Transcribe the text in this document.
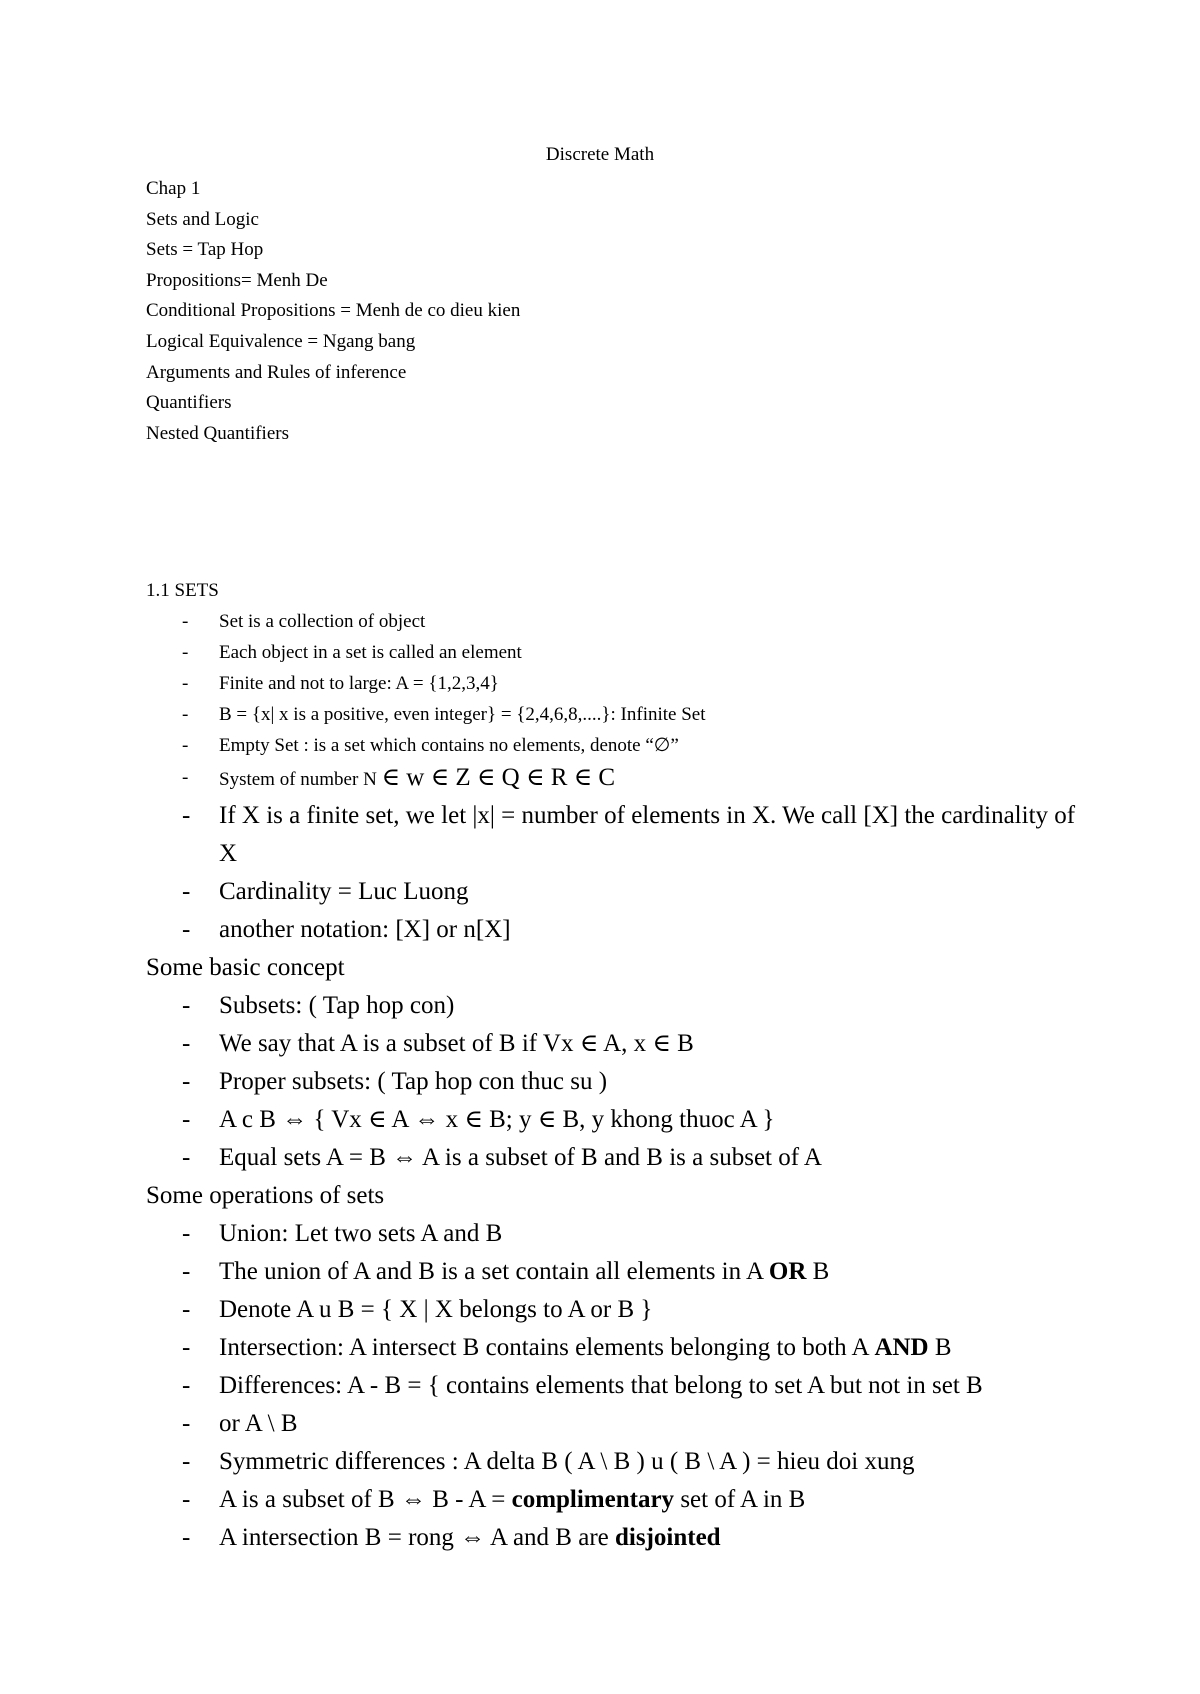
Discrete Math
Chap 1
Sets and Logic
Sets = Tap Hop
Propositions= Menh De
Conditional Propositions = Menh de co dieu kien
Logical Equivalence = Ngang bang
Arguments and Rules of inference
Quantifiers
Nested Quantifiers
1.1 SETS
- Set is a collection of object
- Each object in a set is called an element
- Finite and not to large: A = {1,2,3,4}
- B = {x| x is a positive, even integer} = {2,4,6,8,....}: Infinite Set
- Empty Set : is a set which contains no elements, denote “∅”
- System of number N ∈ w ∈ Z ∈ Q ∈ R ∈ C
- If X is a finite set, we let |x| = number of elements in X. We call [X] the cardinality of X
- Cardinality = Luc Luong
- another notation: [X] or n[X]
Some basic concept
- Subsets: ( Tap hop con)
- We say that A is a subset of B if Vx ∈ A, x ∈ B
- Proper subsets: ( Tap hop con thuc su )
- A c B ⇔ { Vx ∈ A ⇔ x ∈ B; y ∈ B, y khong thuoc A }
- Equal sets A = B ⇔ A is a subset of B and B is a subset of A
Some operations of sets
- Union: Let two sets A and B
- The union of A and B is a set contain all elements in A OR B
- Denote A u B = { X | X belongs to A or B }
- Intersection: A intersect B contains elements belonging to both A AND B
- Differences: A - B = { contains elements that belong to set A but not in set B
- or A \ B
- Symmetric differences : A delta B ( A \ B ) u ( B \ A ) = hieu doi xung
- A is a subset of B ⇔ B - A = complimentary set of A in B
- A intersection B = rong ⇔ A and B are disjointed
